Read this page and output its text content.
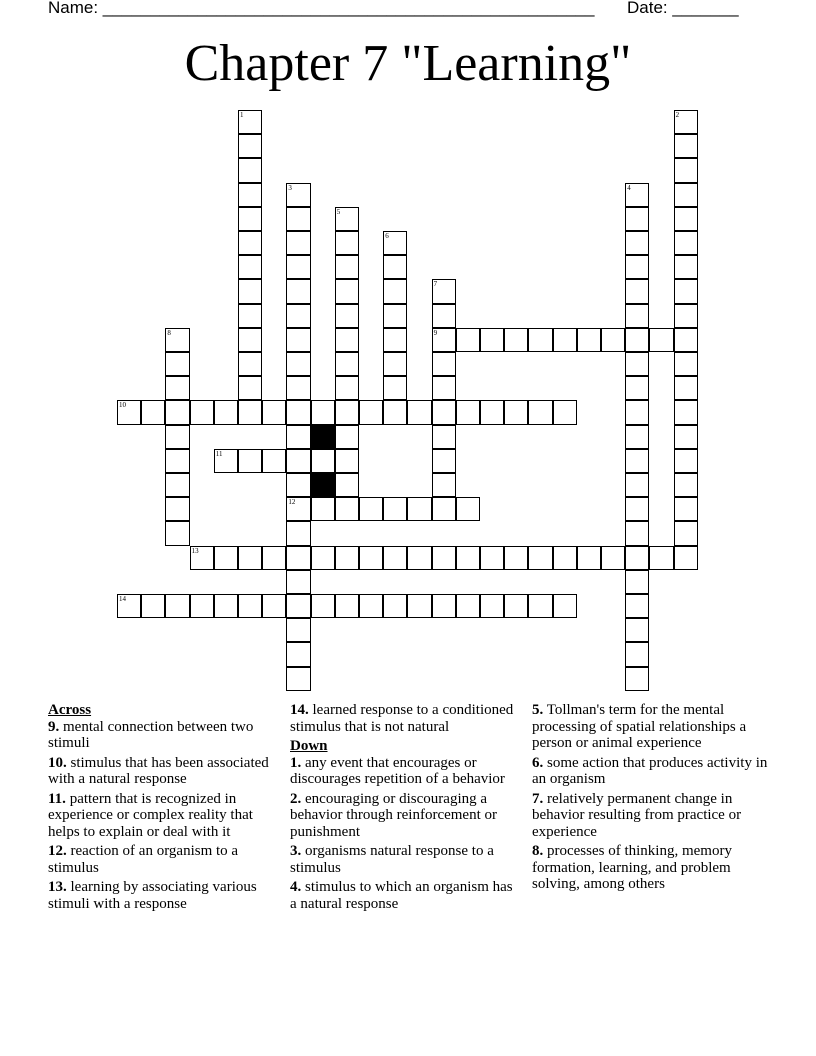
Name: ____________________________________________________ Date: _______
Chapter 7 "Learning"
1	2
3
12
4
5
6
7
9
8
10
11
13
14
Across

9. mental connection between two stimuli

10. stimulus that has been associated with a natural response

11. pattern that is recognized in experience or complex reality that helps to explain or deal with it

12. reaction of an organism to a stimulus

13. learning by associating various stimuli with a response

14. learned response to a conditioned stimulus that is not natural

Down

1. any event that encourages or discourages repetition of a behavior

2. encouraging or discouraging a behavior through reinforcement or punishment

3. organisms natural response to a stimulus

4. stimulus to which an organism has a natural response

5. Tollman's term for the mental processing of spatial relationships a person or animal experience

6. some action that produces activity in an organism

7. relatively permanent change in behavior resulting from practice or experience

8. processes of thinking, memory formation, learning, and problem solving, among others
